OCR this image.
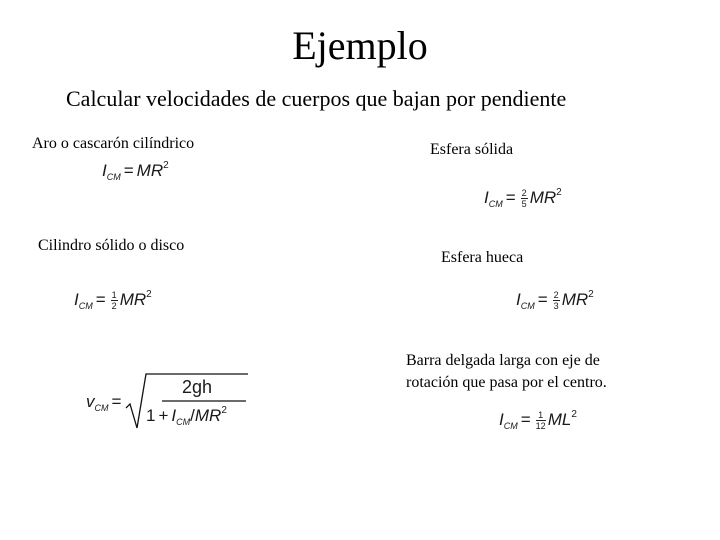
Ejemplo
Calcular velocidades de cuerpos que bajan por pendiente
Aro o cascarón cilíndrico
$I_{CM} = MR^2$
Esfera sólida
$I_{CM} = \frac{2}{5} MR^2$
Cilindro sólido o disco
$I_{CM} = \frac{1}{2} MR^2$
Esfera hueca
$I_{CM} = \frac{2}{3} MR^2$
Barra delgada larga con eje de
rotación que pasa por el centro.
$I_{CM} = \frac{1}{12} ML^2$
$v_{CM}$ =
2gh
$1 + I_{CM}/MR^2$
